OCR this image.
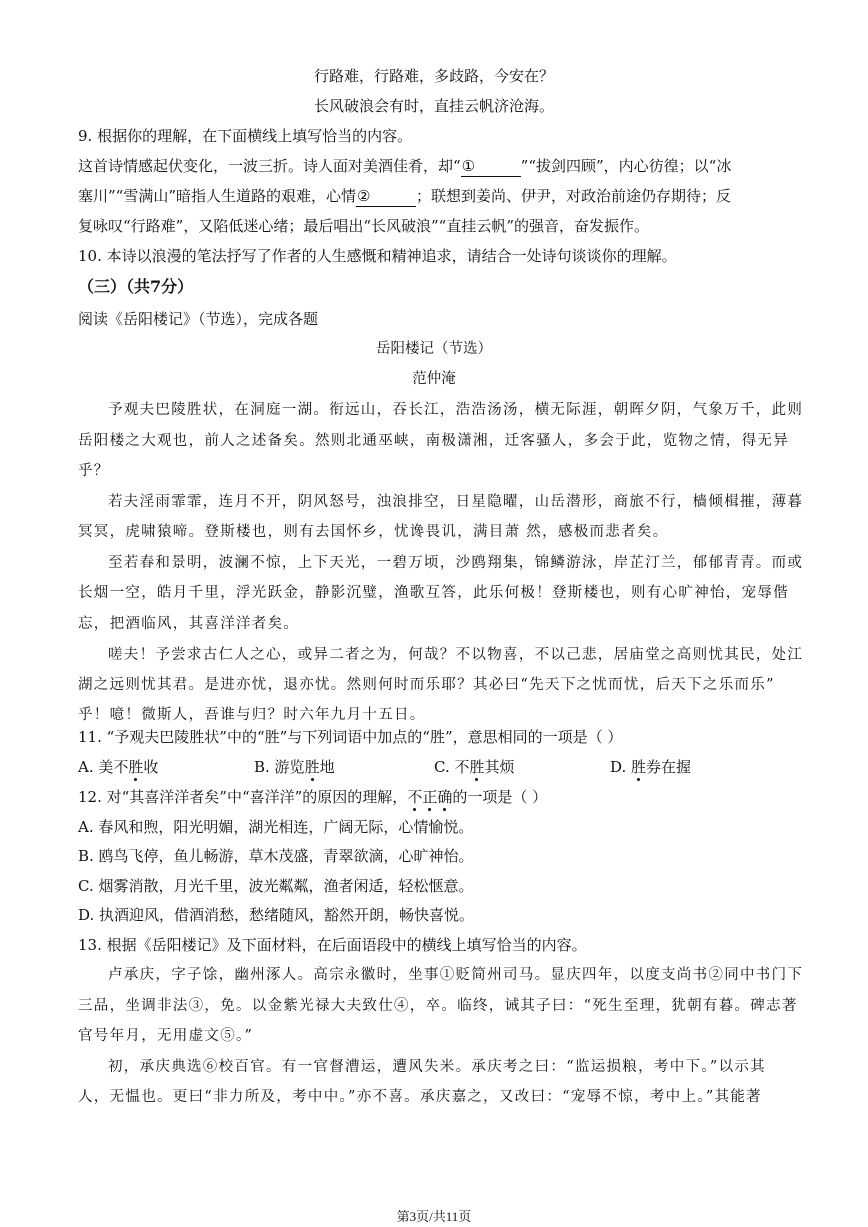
行路难，行路难，多歧路，今安在？
长风破浪会有时，直挂云帆济沧海。
9. 根据你的理解，在下面横线上填写恰当的内容。
这首诗情感起伏变化，一波三折。诗人面对美酒佳肴，却“①	”“拔剑四顾”，内心彷徨；以“冰
塞川”“雪满山”暗指人生道路的艰难，心情②	；联想到姜尚、伊尹，对政治前途仍存期待；反
复咏叹“行路难”，又陷低迷心绪；最后唱出“长风破浪”“直挂云帆”的强音，奋发振作。
10. 本诗以浪漫的笔法抒写了作者的人生感慨和精神追求，请结合一处诗句谈谈你的理解。
（三）（共7分）
阅读《岳阳楼记》（节选），完成各题
岳阳楼记（节选）
范仲淹
予观夫巴陵胜状，在洞庭一湖。衔远山，吞长江，浩浩汤汤，横无际涯，朝晖夕阴，气象万千，此则
岳阳楼之大观也，前人之述备矣。然则北通巫峡，南极潇湘，迁客骚人，多会于此，览物之情，得无异
乎？
若夫淫雨霏霏，连月不开，阴风怒号，浊浪排空，日星隐曜，山岳潜形，商旅不行，樯倾楫摧，薄暮
冥冥，虎啸猿啼。登斯楼也，则有去国怀乡，忧谗畏讥，满目萧 然，感极而悲者矣。
至若春和景明，波澜不惊，上下天光，一碧万顷，沙鸥翔集，锦鳞游泳，岸芷汀兰，郁郁青青。而或
长烟一空，皓月千里，浮光跃金，静影沉璧，渔歌互答，此乐何极！登斯楼也，则有心旷神怡，宠辱偕
忘，把酒临风，其喜洋洋者矣。
嗟夫！予尝求古仁人之心，或异二者之为，何哉？不以物喜，不以己悲，居庙堂之高则忧其民，处江
湖之远则忧其君。是进亦忧，退亦忧。然则何时而乐耶？其必曰“先天下之忧而忧，后天下之乐而乐”
乎！噫！微斯人，吾谁与归？时六年九月十五日。
11. “予观夫巴陵胜状”中的“胜”与下列词语中加点的“胜”，意思相同的一项是（ ）
A. 美不胜收	B. 游览胜地	C. 不胜其烦	D. 胜券在握
12. 对“其喜洋洋者矣”中“喜洋洋”的原因的理解，不正确的一项是（ ）
A. 春风和煦，阳光明媚，湖光相连，广阔无际，心情愉悦。
B. 鸥鸟飞停，鱼儿畅游，草木茂盛，青翠欲滴，心旷神怡。
C. 烟雾消散，月光千里，波光粼粼，渔者闲适，轻松惬意。
D. 执酒迎风，借酒消愁，愁绪随风，豁然开朗，畅快喜悦。
13. 根据《岳阳楼记》及下面材料，在后面语段中的横线上填写恰当的内容。
卢承庆，字子馀，幽州涿人。高宗永徽时，坐事①贬简州司马。显庆四年，以度支尚书②同中书门下
三品，坐调非法③，免。以金紫光禄大夫致仕④，卒。临终，诫其子曰：“死生至理，犹朝有暮。碑志著
官号年月，无用虚文⑤。”
初，承庆典选⑥校百官。有一官督漕运，遭风失米。承庆考之曰：“监运损粮，考中下。”以示其
人，无愠也。更曰“非力所及，考中中。”亦不喜。承庆嘉之，又改曰：“宠辱不惊，考中上。”其能著
第3页/共11页
